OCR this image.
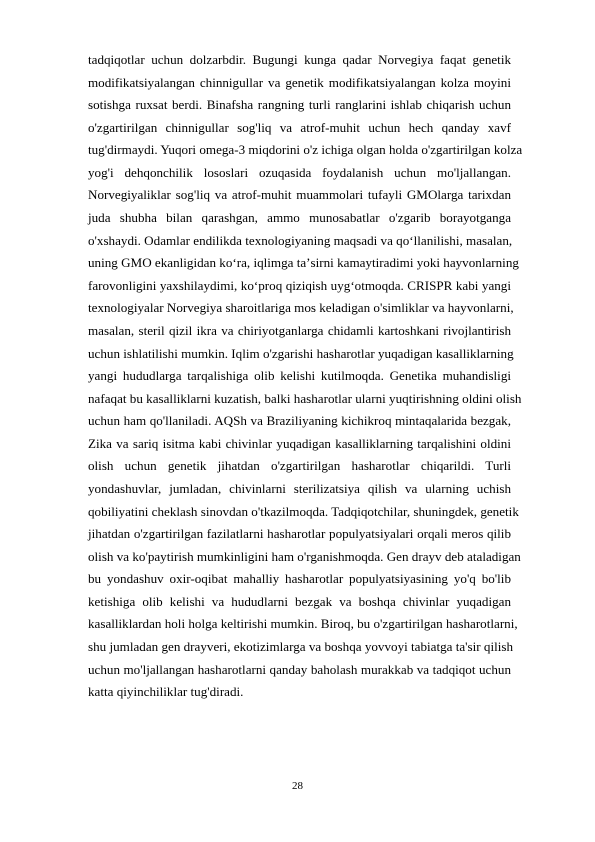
tadqiqotlar uchun dolzarbdir. Bugungi kunga qadar Norvegiya faqat genetik
modifikatsiyalangan chinnigullar va genetik modifikatsiyalangan kolza moyini
sotishga ruxsat berdi. Binafsha rangning turli ranglarini ishlab chiqarish uchun
o'zgartirilgan chinnigullar sog'liq va atrof-muhit uchun hech qanday xavf
tug'dirmaydi. Yuqori omega-3 miqdorini o'z ichiga olgan holda o'zgartirilgan kolza
yog'i dehqonchilik lososlari ozuqasida foydalanish uchun mo'ljallangan.
Norvegiyaliklar sog'liq va atrof-muhit muammolari tufayli GMOlarga tarixdan
juda shubha bilan qarashgan, ammo munosabatlar o'zgarib borayotganga
o'xshaydi. Odamlar endilikda texnologiyaning maqsadi va qo‘llanilishi, masalan,
uning GMO ekanligidan ko‘ra, iqlimga taʼsirni kamaytiradimi yoki hayvonlarning
farovonligini yaxshilaydimi, ko‘proq qiziqish uyg‘otmoqda. CRISPR kabi yangi
texnologiyalar Norvegiya sharoitlariga mos keladigan o'simliklar va hayvonlarni,
masalan, steril qizil ikra va chiriyotganlarga chidamli kartoshkani rivojlantirish
uchun ishlatilishi mumkin. Iqlim o'zgarishi hasharotlar yuqadigan kasalliklarning
yangi hududlarga tarqalishiga olib kelishi kutilmoqda. Genetika muhandisligi
nafaqat bu kasalliklarni kuzatish, balki hasharotlar ularni yuqtirishning oldini olish
uchun ham qo'llaniladi. AQSh va Braziliyaning kichikroq mintaqalarida bezgak,
Zika va sariq isitma kabi chivinlar yuqadigan kasalliklarning tarqalishini oldini
olish uchun genetik jihatdan o'zgartirilgan hasharotlar chiqarildi. Turli
yondashuvlar, jumladan, chivinlarni sterilizatsiya qilish va ularning uchish
qobiliyatini cheklash sinovdan o'tkazilmoqda. Tadqiqotchilar, shuningdek, genetik
jihatdan o'zgartirilgan fazilatlarni hasharotlar populyatsiyalari orqali meros qilib
olish va ko'paytirish mumkinligini ham o'rganishmoqda. Gen drayv deb ataladigan
bu yondashuv oxir-oqibat mahalliy hasharotlar populyatsiyasining yo'q bo'lib
ketishiga olib kelishi va hududlarni bezgak va boshqa chivinlar yuqadigan
kasalliklardan holi holga keltirishi mumkin. Biroq, bu o'zgartirilgan hasharotlarni,
shu jumladan gen drayveri, ekotizimlarga va boshqa yovvoyi tabiatga ta'sir qilish
uchun mo'ljallangan hasharotlarni qanday baholash murakkab va tadqiqot uchun
katta qiyinchiliklar tug'diradi.
28
